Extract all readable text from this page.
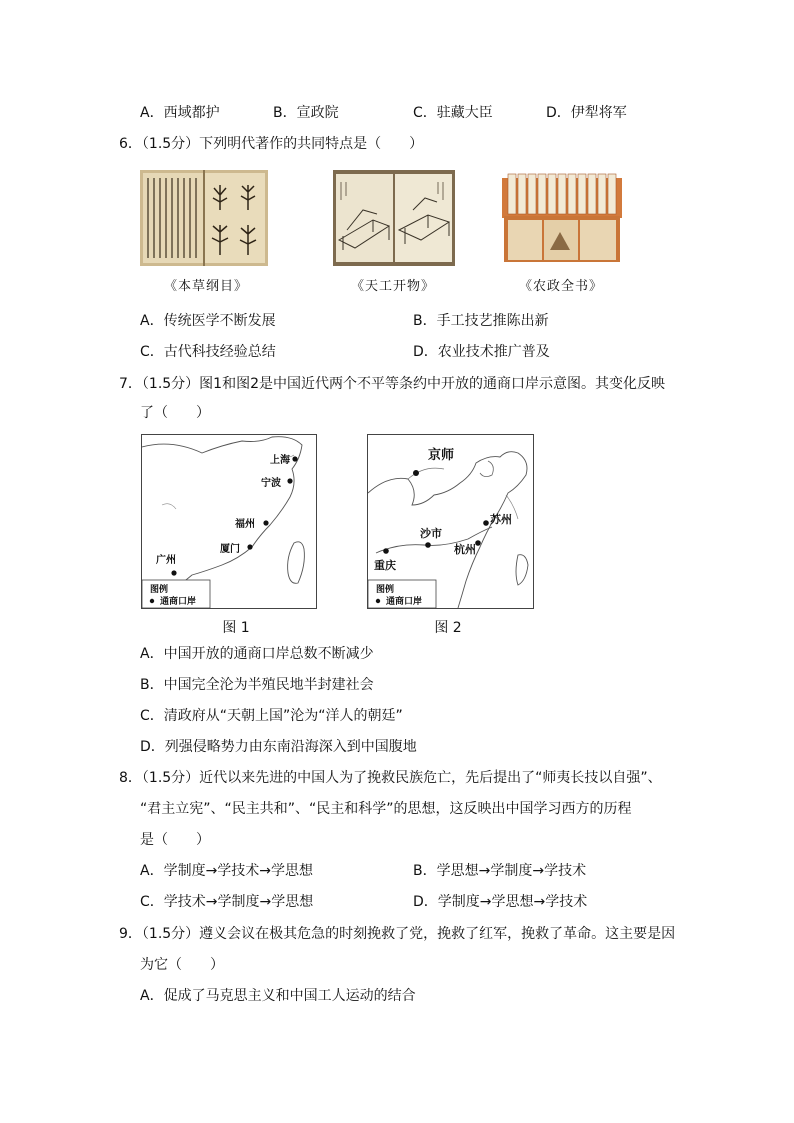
A．西域都护	B．宣政院	C．驻藏大臣	D．伊犁将军
6．（1.5分）下列明代著作的共同特点是（　　）
《本草纲目》	《天工开物》	《农政全书》
A．传统医学不断发展	B．手工技艺推陈出新
C．古代科技经验总结	D．农业技术推广普及
7．（1.5分）图1和图2是中国近代两个不平等条约中开放的通商口岸示意图。其变化反映
了（　　）
上海
宁波
福州
厦门
广州
图例
通商口岸
图 1
京师
苏州
沙市
杭州
重庆
图例
通商口岸
图 2
A．中国开放的通商口岸总数不断减少
B．中国完全沦为半殖民地半封建社会
C．清政府从“天朝上国”沦为“洋人的朝廷”
D．列强侵略势力由东南沿海深入到中国腹地
8．（1.5分）近代以来先进的中国人为了挽救民族危亡，先后提出了“师夷长技以自强”、
“君主立宪”、“民主共和”、“民主和科学”的思想，这反映出中国学习西方的历程
是（　　）
A．学制度→学技术→学思想	B．学思想→学制度→学技术
C．学技术→学制度→学思想	D．学制度→学思想→学技术
9．（1.5分）遵义会议在极其危急的时刻挽救了党，挽救了红军，挽救了革命。这主要是因
为它（　　）
A．促成了马克思主义和中国工人运动的结合
